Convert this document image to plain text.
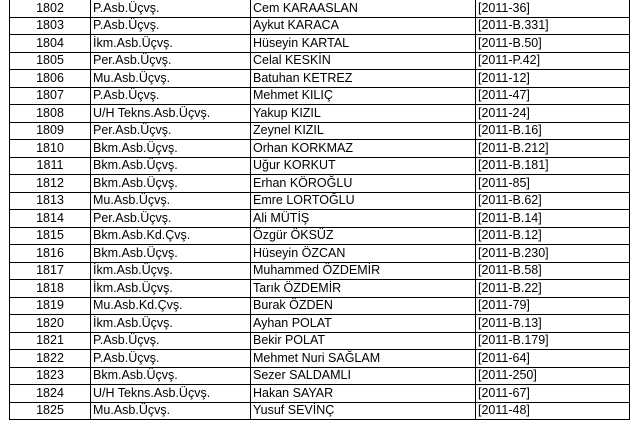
1802	P.Asb.Üçvş.	Cem KARAASLAN	[2011-36]
1803	P.Asb.Üçvş.	Aykut KARACA	[2011-B.331]
1804	İkm.Asb.Üçvş.	Hüseyin KARTAL	[2011-B.50]
1805	Per.Asb.Üçvş.	Celal KESKİN	[2011-P.42]
1806	Mu.Asb.Üçvş.	Batuhan KETREZ	[2011-12]
1807	P.Asb.Üçvş.	Mehmet KILIÇ	[2011-47]
1808	U/H Tekns.Asb.Üçvş.	Yakup KIZIL	[2011-24]
1809	Per.Asb.Üçvş.	Zeynel KIZIL	[2011-B.16]
1810	Bkm.Asb.Üçvş.	Orhan KORKMAZ	[2011-B.212]
1811	Bkm.Asb.Üçvş.	Uğur KORKUT	[2011-B.181]
1812	Bkm.Asb.Üçvş.	Erhan KÖROĞLU	[2011-85]
1813	Mu.Asb.Üçvş.	Emre LORTOĞLU	[2011-B.62]
1814	Per.Asb.Üçvş.	Ali MÜTİŞ	[2011-B.14]
1815	Bkm.Asb.Kd.Çvş.	Özgür ÖKSÜZ	[2011-B.12]
1816	Bkm.Asb.Üçvş.	Hüseyin ÖZCAN	[2011-B.230]
1817	İkm.Asb.Üçvş.	Muhammed ÖZDEMİR	[2011-B.58]
1818	İkm.Asb.Üçvş.	Tarık ÖZDEMİR	[2011-B.22]
1819	Mu.Asb.Kd.Çvş.	Burak ÖZDEN	[2011-79]
1820	İkm.Asb.Üçvş.	Ayhan POLAT	[2011-B.13]
1821	P.Asb.Üçvş.	Bekir POLAT	[2011-B.179]
1822	P.Asb.Üçvş.	Mehmet Nuri SAĞLAM	[2011-64]
1823	Bkm.Asb.Üçvş.	Sezer SALDAMLI	[2011-250]
1824	U/H Tekns.Asb.Üçvş.	Hakan SAYAR	[2011-67]
1825	Mu.Asb.Üçvş.	Yusuf SEVİNÇ	[2011-48]
